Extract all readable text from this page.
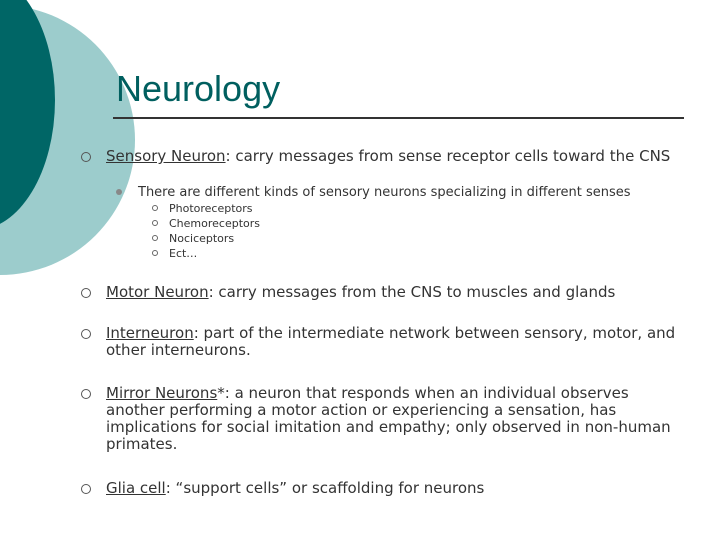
Neurology
Sensory Neuron: carry messages from sense receptor cells toward the CNS
There are different kinds of sensory neurons specializing in different senses
Photoreceptors
Chemoreceptors
Nociceptors
Ect…
Motor Neuron: carry messages from the CNS to muscles and glands
Interneuron: part of the intermediate network between sensory, motor, and other interneurons.
Mirror Neurons*: a neuron that responds when an individual observes another performing a motor action or experiencing a sensation, has implications for social imitation and empathy; only observed in non-human primates.
Glia cell: “support cells” or scaffolding for neurons
